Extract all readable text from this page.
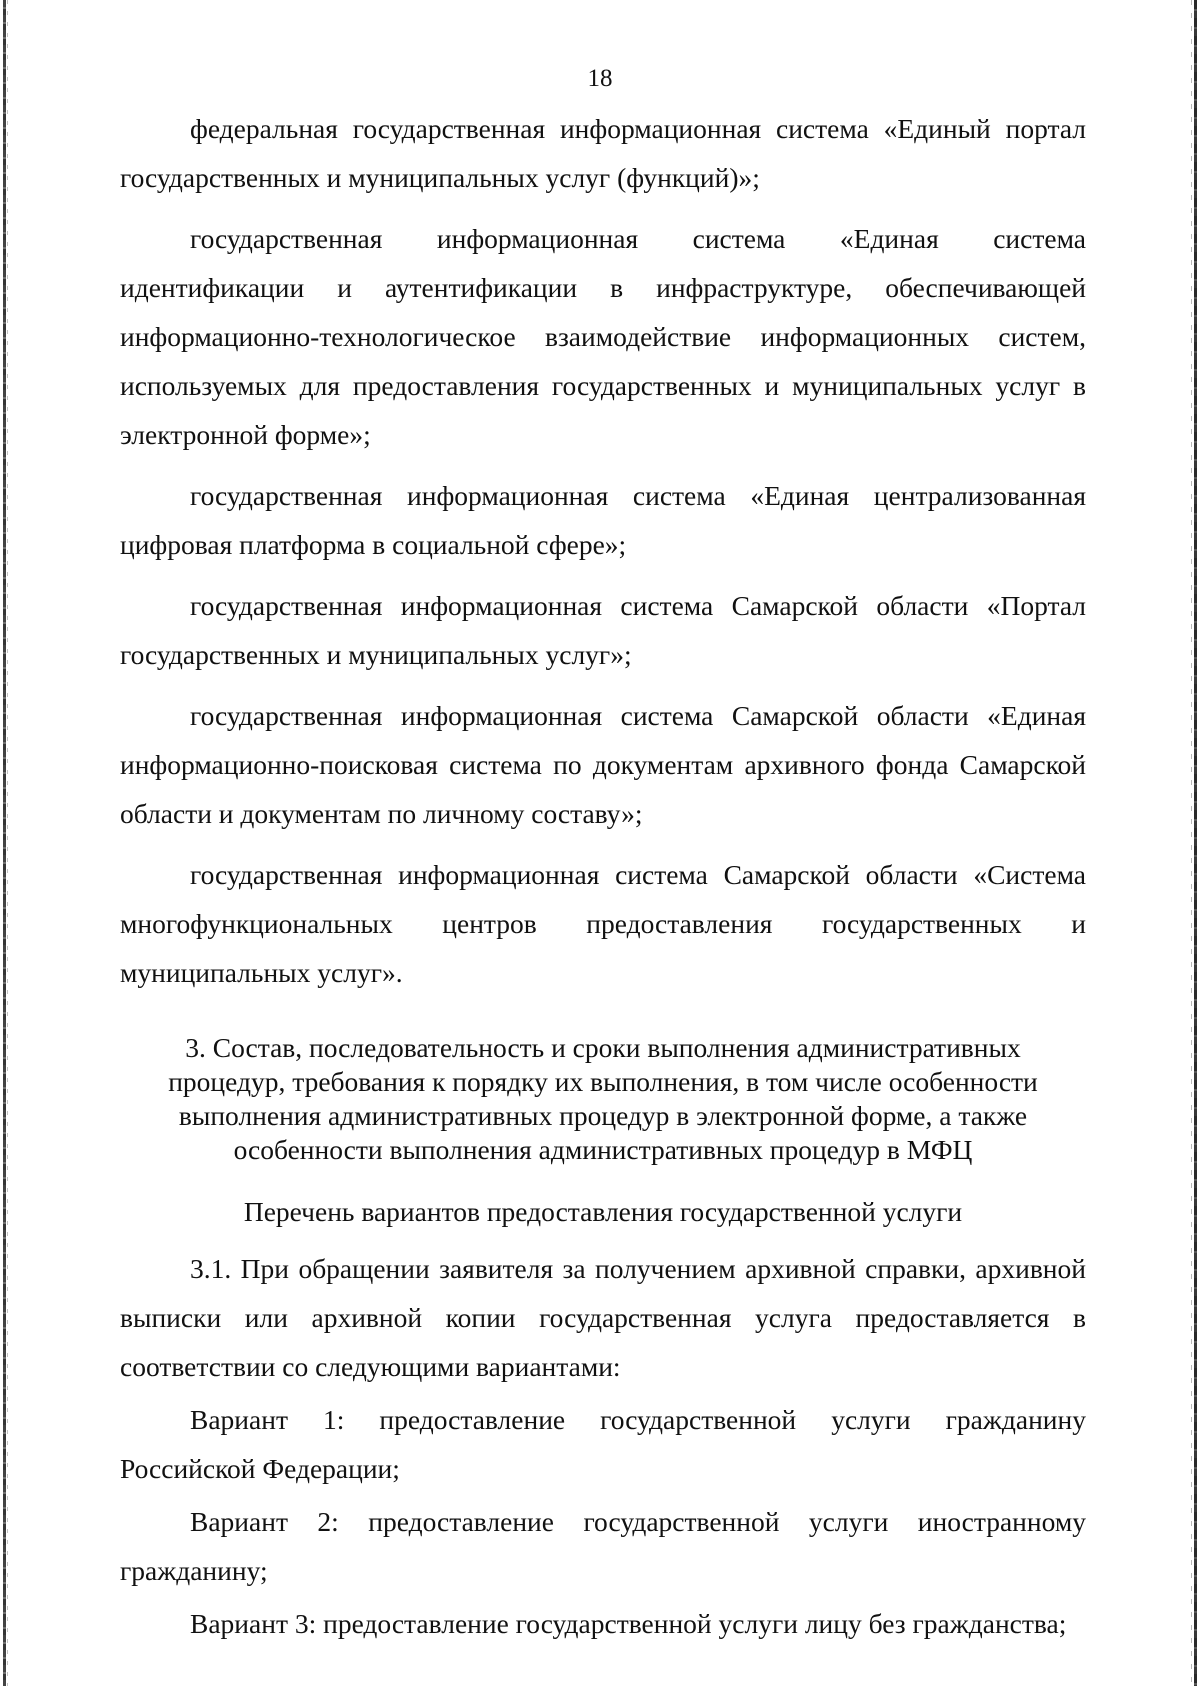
18

федеральная государственная информационная система «Единый портал государственных и муниципальных услуг (функций)»;

государственная информационная система «Единая система идентификации и аутентификации в инфраструктуре, обеспечивающей информационно-технологическое взаимодействие информационных систем, используемых для предоставления государственных и муниципальных услуг в электронной форме»;

государственная информационная система «Единая централизованная цифровая платформа в социальной сфере»;

государственная информационная система Самарской области «Портал государственных и муниципальных услуг»;

государственная информационная система Самарской области «Единая информационно-поисковая система по документам архивного фонда Самарской области и документам по личному составу»;

государственная информационная система Самарской области «Система многофункциональных центров предоставления государственных и муниципальных услуг».

3. Состав, последовательность и сроки выполнения административных
процедур, требования к порядку их выполнения, в том числе особенности
выполнения административных процедур в электронной форме, а также
особенности выполнения административных процедур в МФЦ
Перечень вариантов предоставления государственной услуги

3.1. При обращении заявителя за получением архивной справки, архивной выписки или архивной копии государственная услуга предоставляется в соответствии со следующими вариантами:

Вариант 1: предоставление государственной услуги гражданину Российской Федерации;

Вариант 2: предоставление государственной услуги иностранному гражданину;

Вариант 3: предоставление государственной услуги лицу без гражданства;
